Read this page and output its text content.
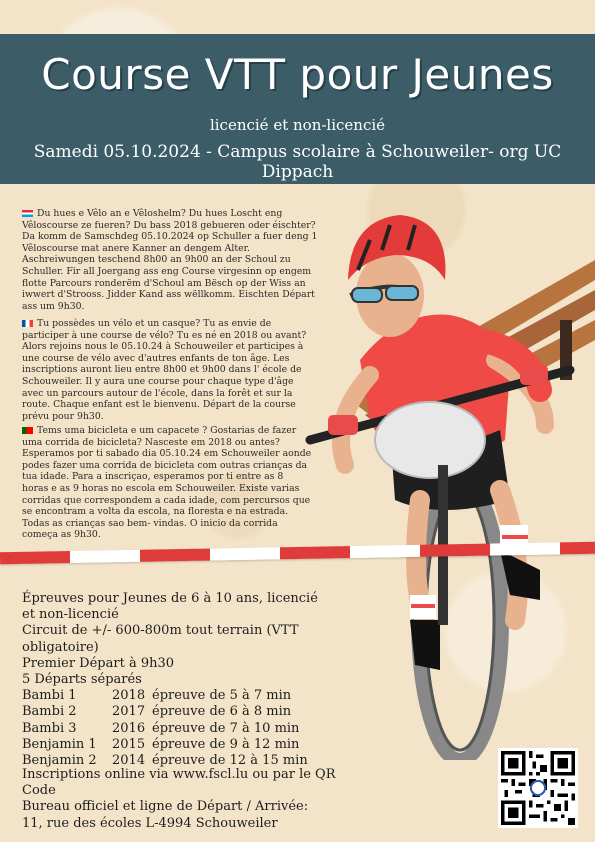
Course VTT pour Jeunes
licencié et non-licencié
Samedi 05.10.2024 - Campus scolaire à Schouweiler- org UC Dippach
Du hues e Vêlo an e Vêloshelm? Du hues Loscht eng Vêloscourse ze fueren? Du bass 2018 gebueren oder éischter? Da komm de Samschdeg 05.10.2024 op Schuller a fuer deng 1 Vêloscourse mat anere Kanner an dengem Alter. Aschreiwungen teschend 8h00 an 9h00 an der Schoul zu Schuller. Fir all Joergang ass eng Course virgesinn op engem flotte Parcours ronderëm d'Schoul am Bësch op der Wiss an iwwert d'Strooss. Jidder Kand ass wëllkomm. Eischten Départ ass um 9h30.
Tu possèdes un vélo et un casque? Tu as envie de participer à une course de vélo? Tu es né en 2018 ou avant? Alors rejoins nous le 05.10.24 à Schouweiler et participes à une course de vélo avec d'autres enfants de ton âge. Les inscriptions auront lieu entre 8h00 et 9h00 dans l' école de Schouweiler. Il y aura une course pour chaque type d'âge avec un parcours autour de l'école, dans la forêt et sur la route. Chaque enfant est le bienvenu. Départ de la course prévu pour 9h30.
Tems uma bicicleta e um capacete ? Gostarias de fazer uma corrida de bicicleta? Nasceste em 2018 ou antes? Esperamos por ti sabado dia 05.10.24 em Schouweiler aonde podes fazer uma corrida de bicicleta com outras crianças da tua idade. Para a inscriçao, esperamos por ti entre as 8 horas e as 9 horas no escola em Schouweiler. Existe varias corridas que correspondem a cada idade, com percursos que se encontram a volta da escola, na floresta e na estrada. Todas as crianças sao bem- vindas. O inicio da corrida começa as 9h30.
Épreuves pour Jeunes de 6 à 10 ans, licencié
et non-licencié
Circuit de +/- 600-800m tout terrain (VTT obligatoire)
Premier Départ à 9h30
5 Départs séparés
Bambi 1	2018 épreuve de 5 à 7 min
Bambi 2	2017 épreuve de 6 à 8 min
Bambi 3	2016 épreuve de 7 à 10 min
Benjamin 1	2015 épreuve de 9 à 12 min
Benjamin 2	2014 épreuve de 12 à 15 min
Inscriptions online via www.fscl.lu ou par le QR Code
Bureau officiel et ligne de Départ / Arrivée:
11, rue des écoles L-4994 Schouweiler
